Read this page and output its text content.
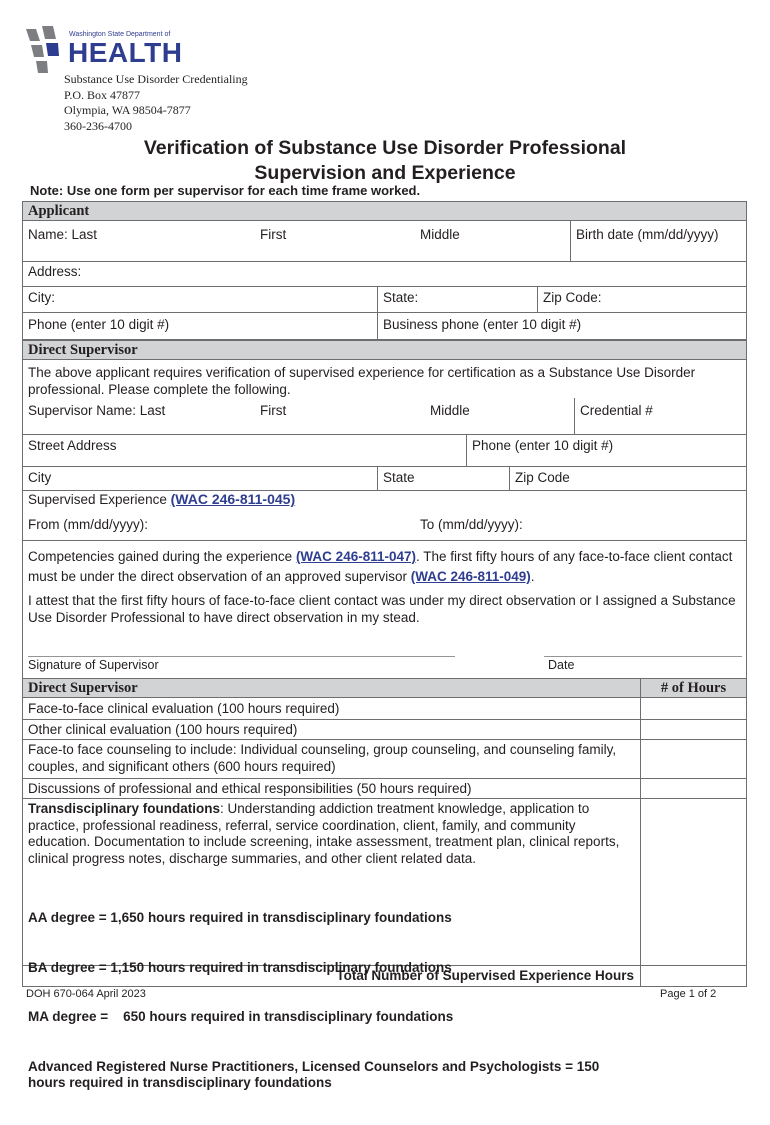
Washington State Department of
HEALTH
Substance Use Disorder Credentialing
P.O. Box 47877
Olympia, WA 98504-7877
360-236-4700
Verification of Substance Use Disorder Professional
Supervision and Experience
Note: Use one form per supervisor for each time frame worked.
Applicant
Name: Last	First	Middle	Birth date (mm/dd/yyyy)
Address:
City:	State:	Zip Code:
Phone (enter 10 digit #)	Business phone (enter 10 digit #)
Direct Supervisor
The above applicant requires verification of supervised experience for certification as a Substance Use Disorder professional. Please complete the following.
Supervisor Name: Last	First	Middle	Credential #
Street Address	Phone (enter 10 digit #)
City	State	Zip Code
Supervised Experience (WAC 246-811-045)
From (mm/dd/yyyy):	To (mm/dd/yyyy):
Competencies gained during the experience (WAC 246-811-047). The first fifty hours of any face-to-face client contact must be under the direct observation of an approved supervisor (WAC 246-811-049).
I attest that the first fifty hours of face-to-face client contact was under my direct observation or I assigned a Substance Use Disorder Professional to have direct observation in my stead.
Signature of Supervisor	Date
Direct Supervisor	# of Hours
Face-to-face clinical evaluation (100 hours required)
Other clinical evaluation (100 hours required)
Face-to face counseling to include: Individual counseling, group counseling, and counseling family, couples, and significant others (600 hours required)
Discussions of professional and ethical responsibilities (50 hours required)
Transdisciplinary foundations: Understanding addiction treatment knowledge, application to practice, professional readiness, referral, service coordination, client, family, and community education. Documentation to include screening, intake assessment, treatment plan, clinical reports, clinical progress notes, discharge summaries, and other client related data.

AA degree = 1,650 hours required in transdisciplinary foundations

BA degree = 1,150 hours required in transdisciplinary foundations

MA degree =    650 hours required in transdisciplinary foundations

Advanced Registered Nurse Practitioners, Licensed Counselors and Psychologists = 150 hours required in transdisciplinary foundations

Total Number of Supervised Experience Hours
DOH 670-064 April 2023	Page 1 of 2
